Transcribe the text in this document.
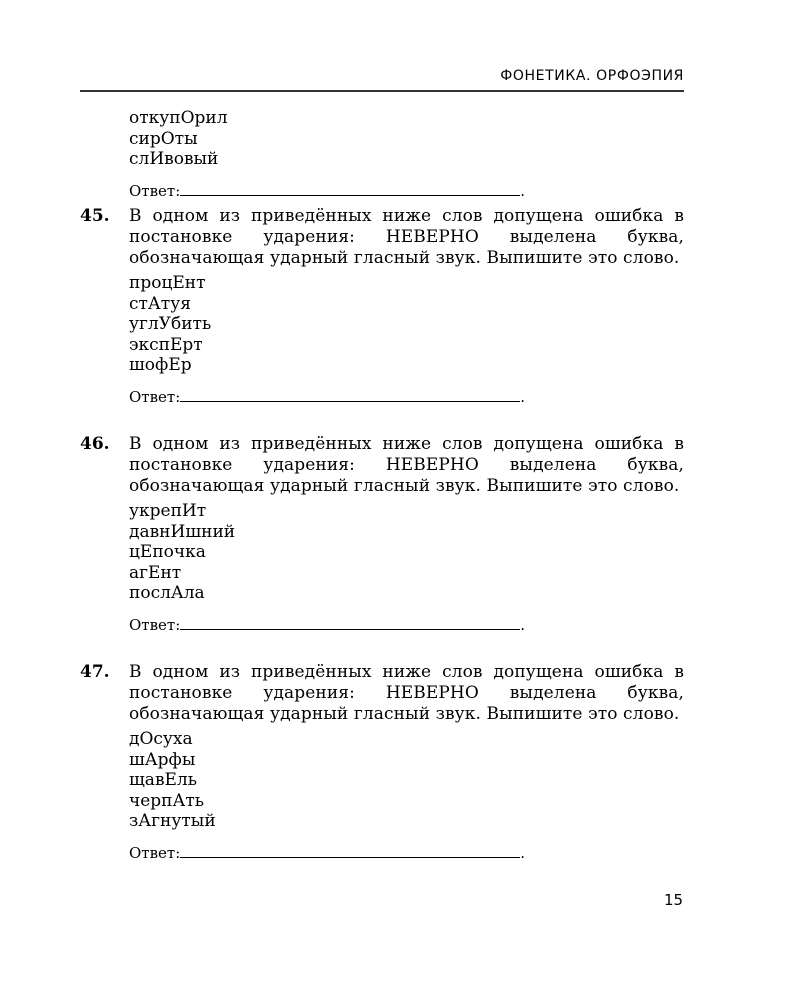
ФОНЕТИКА. ОРФОЭПИЯ
откупОрил
сирОты
слИвовый
Ответ:	.
45. В одном из приведённых ниже слов допущена ошибка в постановке ударения: НЕВЕРНО выделена буква, обозначающая ударный гласный звук. Выпишите это слово.
процЕнт
стАтуя
углУбить
экспЕрт
шофЕр
Ответ:	.
46. В одном из приведённых ниже слов допущена ошибка в постановке ударения: НЕВЕРНО выделена буква, обозначающая ударный гласный звук. Выпишите это слово.
укрепИт
давнИшний
цЕпочка
агЕнт
послАла
Ответ:	.
47. В одном из приведённых ниже слов допущена ошибка в постановке ударения: НЕВЕРНО выделена буква, обозначающая ударный гласный звук. Выпишите это слово.
дОсуха
шАрфы
щавЕль
черпАть
зАгнутый
Ответ:	.
15
